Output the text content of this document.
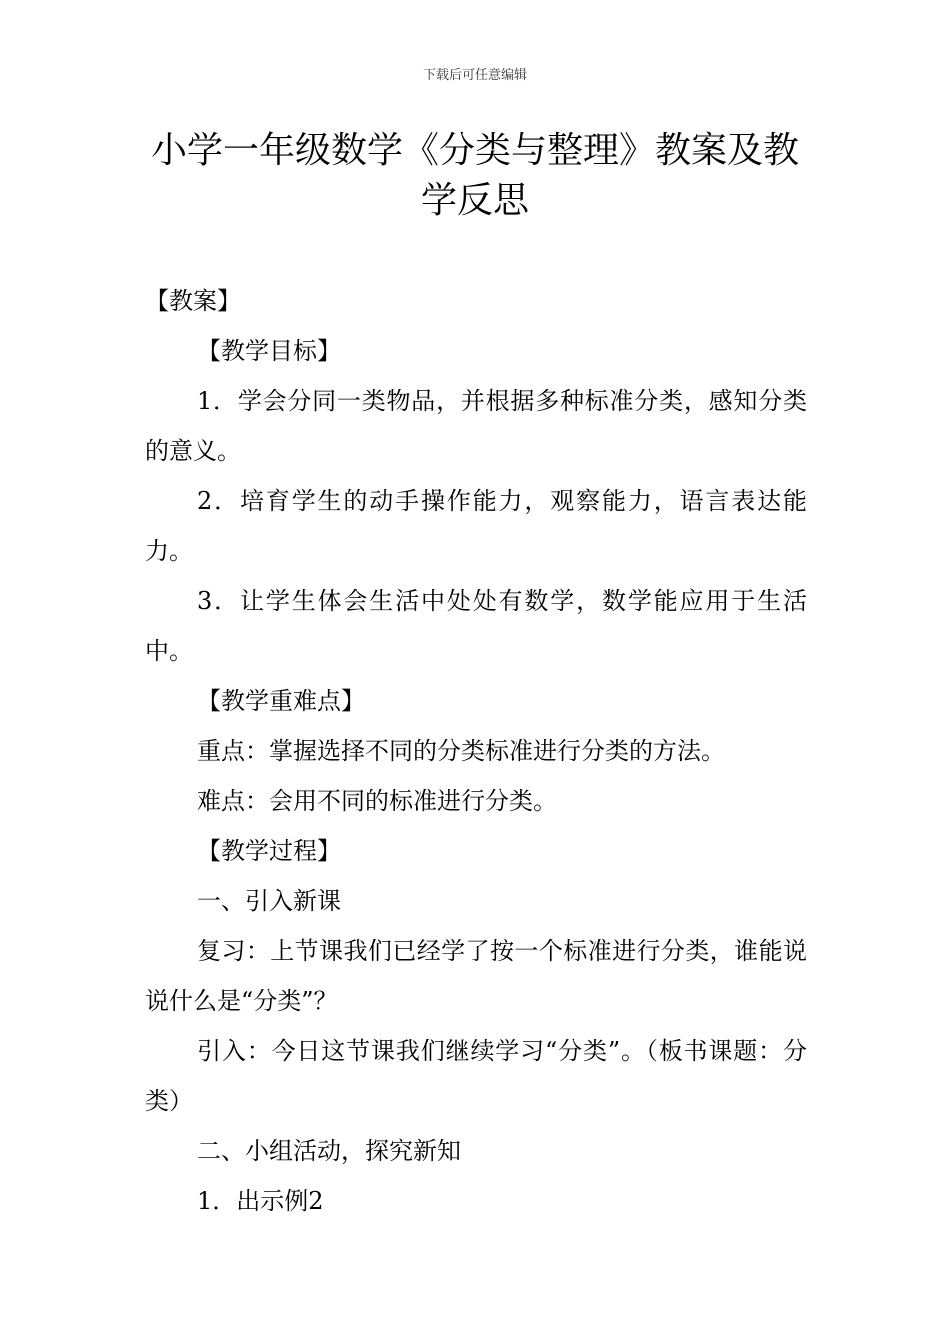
下载后可任意编辑
小学一年级数学《分类与整理》教案及教学反思

【教案】

【教学目标】

1．学会分同一类物品，并根据多种标准分类，感知分类的意义。

2．培育学生的动手操作能力，观察能力，语言表达能力。

3．让学生体会生活中处处有数学，数学能应用于生活中。

【教学重难点】

重点：掌握选择不同的分类标准进行分类的方法。

难点：会用不同的标准进行分类。

【教学过程】

一、引入新课

复习：上节课我们已经学了按一个标准进行分类，谁能说说什么是“分类”？

引入：今日这节课我们继续学习“分类”。（板书课题：分类）

二、小组活动，探究新知

1．出示例2
